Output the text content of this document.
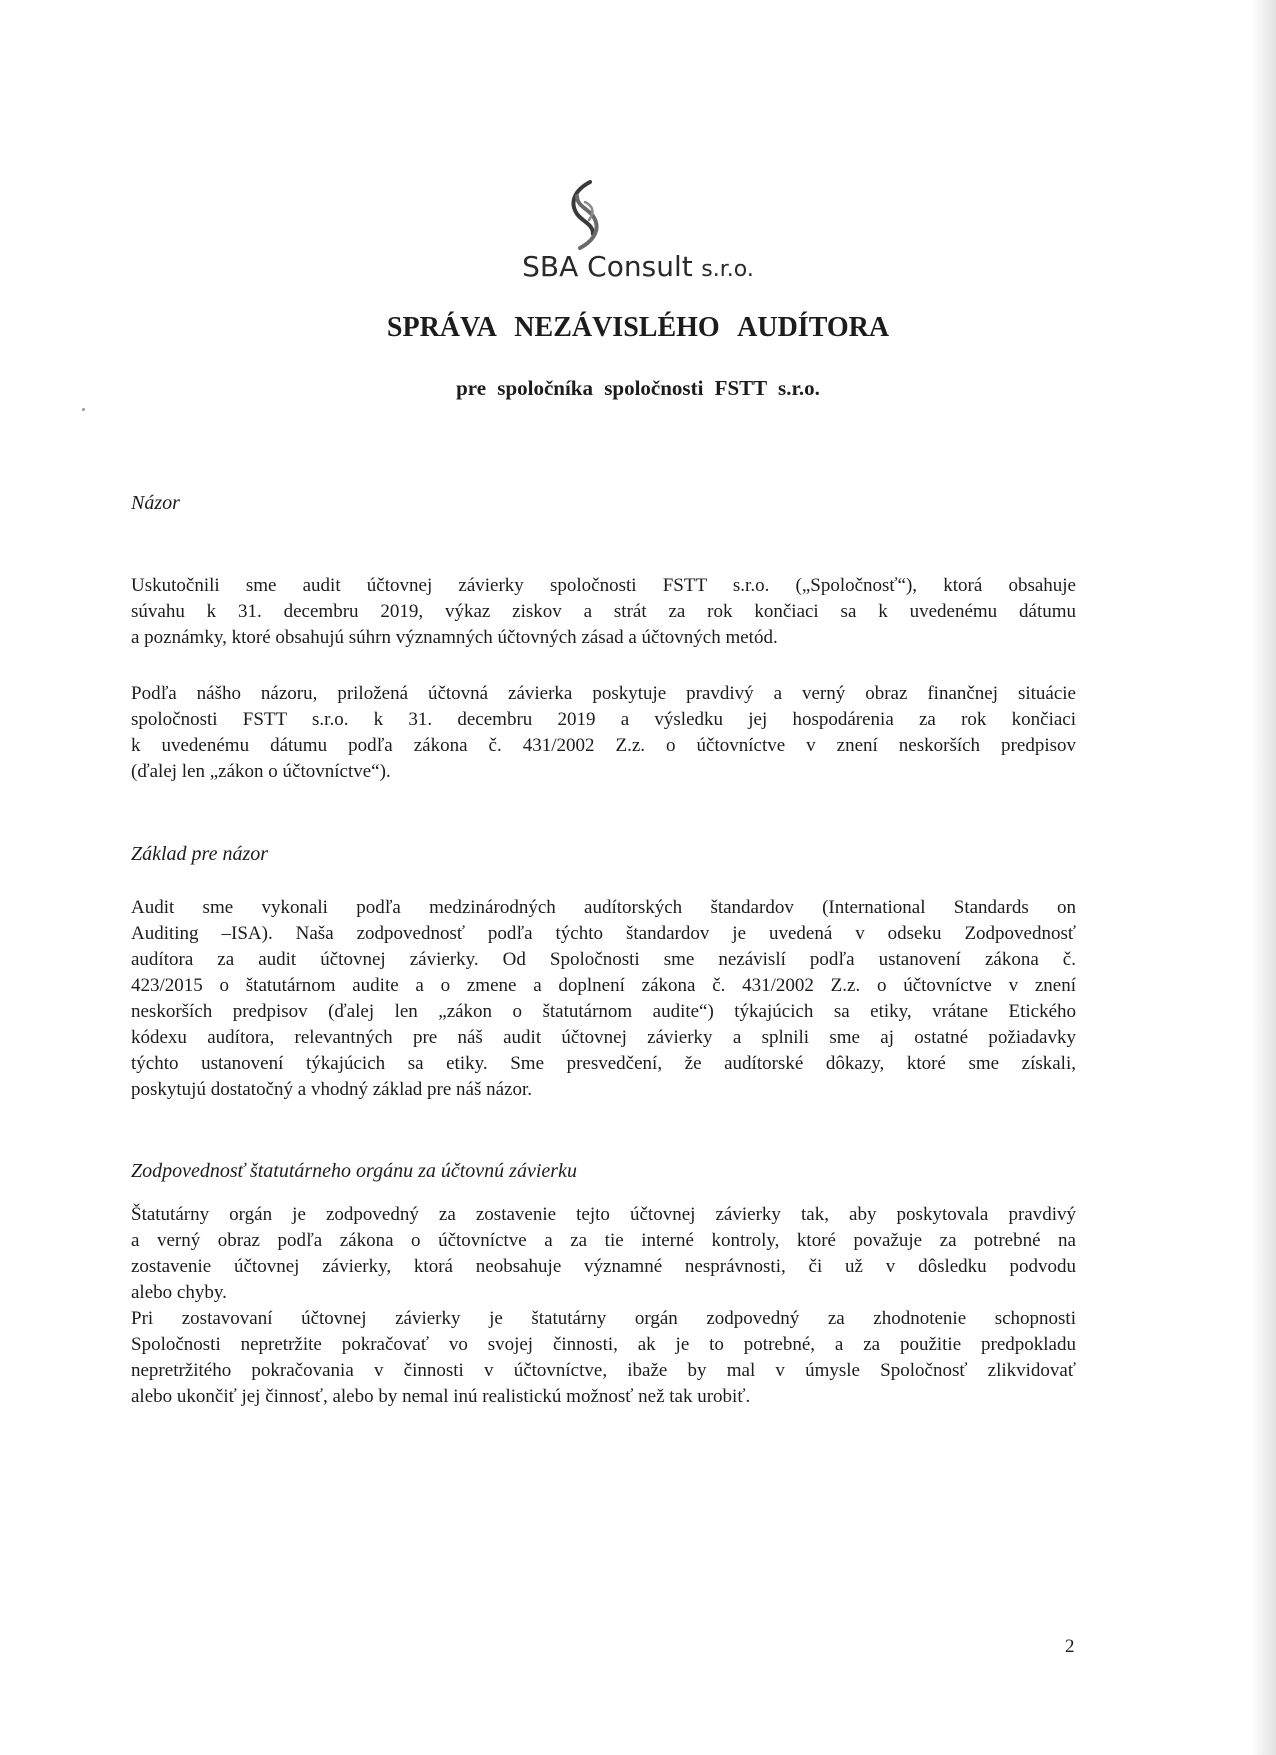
SBA Consult s.r.o.
SPRÁVA NEZÁVISLÉHO AUDÍTORA
pre spoločníka spoločnosti FSTT s.r.o.
Názor
Uskutočnili sme audit účtovnej závierky spoločnosti FSTT s.r.o. („Spoločnosť“), ktorá obsahuje
súvahu k 31. decembru 2019, výkaz ziskov a strát za rok končiaci sa k uvedenému dátumu
a poznámky, ktoré obsahujú súhrn významných účtovných zásad a účtovných metód.
Podľa nášho názoru, priložená účtovná závierka poskytuje pravdivý a verný obraz finančnej situácie
spoločnosti FSTT s.r.o. k 31. decembru 2019 a výsledku jej hospodárenia za rok končiaci
k uvedenému dátumu podľa zákona č. 431/2002 Z.z. o účtovníctve v znení neskorších predpisov
(ďalej len „zákon o účtovníctve“).
Základ pre názor
Audit sme vykonali podľa medzinárodných audítorských štandardov (International Standards on
Auditing –ISA). Naša zodpovednosť podľa týchto štandardov je uvedená v odseku Zodpovednosť
audítora za audit účtovnej závierky. Od Spoločnosti sme nezávislí podľa ustanovení zákona č.
423/2015 o štatutárnom audite a o zmene a doplnení zákona č. 431/2002 Z.z. o účtovníctve v znení
neskorších predpisov (ďalej len „zákon o štatutárnom audite“) týkajúcich sa etiky, vrátane Etického
kódexu audítora, relevantných pre náš audit účtovnej závierky a splnili sme aj ostatné požiadavky
týchto ustanovení týkajúcich sa etiky. Sme presvedčení, že audítorské dôkazy, ktoré sme získali,
poskytujú dostatočný a vhodný základ pre náš názor.
Zodpovednosť štatutárneho orgánu za účtovnú závierku
Štatutárny orgán je zodpovedný za zostavenie tejto účtovnej závierky tak, aby poskytovala pravdivý
a verný obraz podľa zákona o účtovníctve a za tie interné kontroly, ktoré považuje za potrebné na
zostavenie účtovnej závierky, ktorá neobsahuje významné nesprávnosti, či už v dôsledku podvodu
alebo chyby.
Pri zostavovaní účtovnej závierky je štatutárny orgán zodpovedný za zhodnotenie schopnosti
Spoločnosti nepretržite pokračovať vo svojej činnosti, ak je to potrebné, a za použitie predpokladu
nepretržitého pokračovania v činnosti v účtovníctve, ibaže by mal v úmysle Spoločnosť zlikvidovať
alebo ukončiť jej činnosť, alebo by nemal inú realistickú možnosť než tak urobiť.
2
